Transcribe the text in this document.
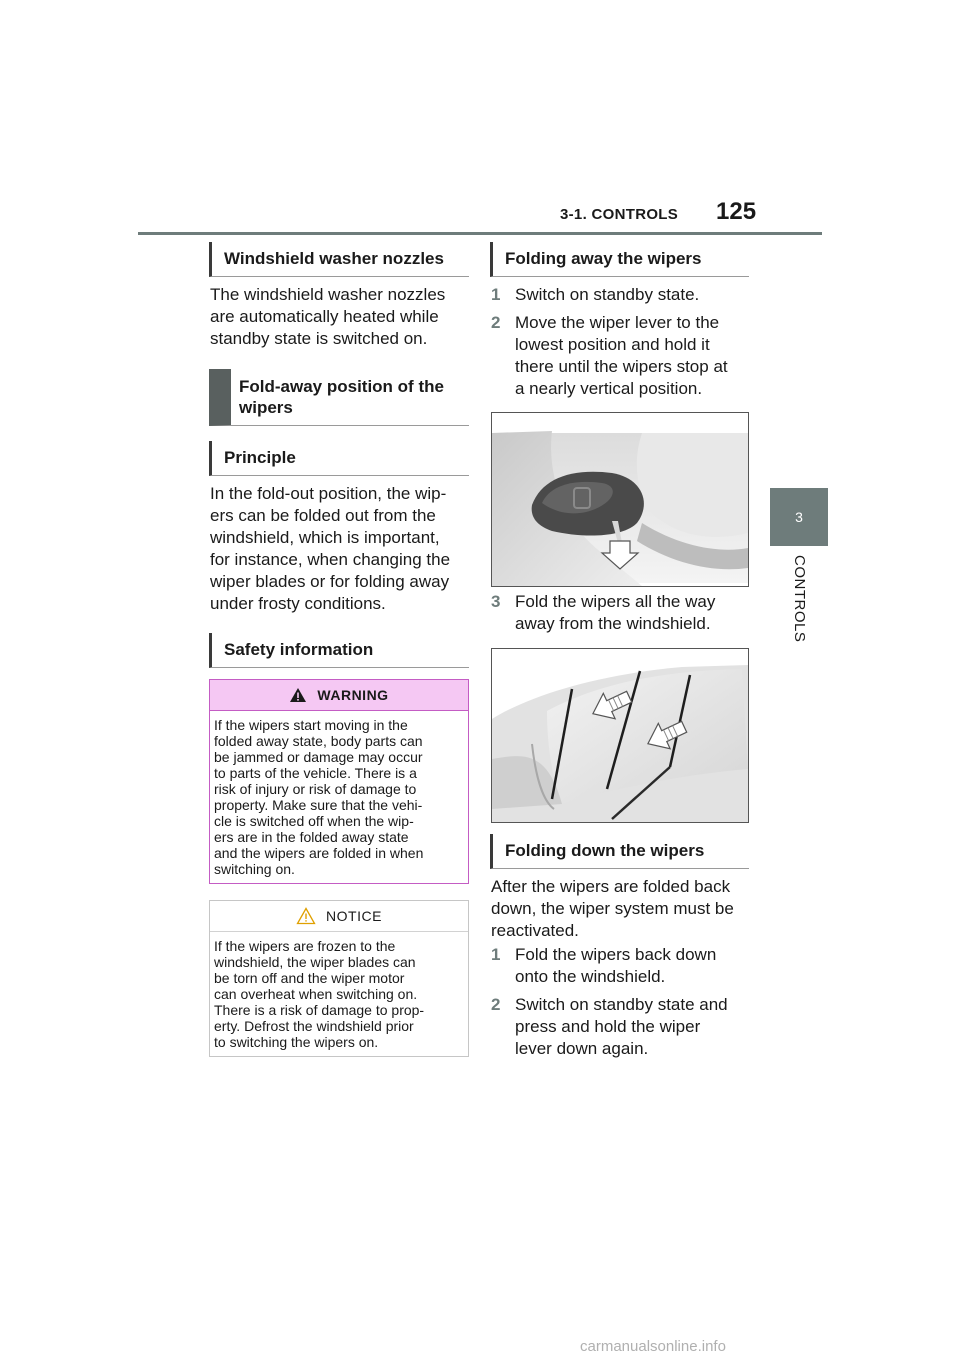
3-1. CONTROLS 125
3
CONTROLS
Windshield washer nozzles
The windshield washer nozzles
are automatically heated while
standby state is switched on.
Fold-away position of the
wipers
Principle
In the fold-out position, the wip-
ers can be folded out from the
windshield, which is important,
for instance, when changing the
wiper blades or for folding away
under frosty conditions.
Safety information
WARNING
If the wipers start moving in the
folded away state, body parts can
be jammed or damage may occur
to parts of the vehicle. There is a
risk of injury or risk of damage to
property. Make sure that the vehi-
cle is switched off when the wip-
ers are in the folded away state
and the wipers are folded in when
switching on.
NOTICE
If the wipers are frozen to the
windshield, the wiper blades can
be torn off and the wiper motor
can overheat when switching on.
There is a risk of damage to prop-
erty. Defrost the windshield prior
to switching the wipers on.
Folding away the wipers
1 Switch on standby state.
2 Move the wiper lever to the
lowest position and hold it
there until the wipers stop at
a nearly vertical position.
3 Fold the wipers all the way
away from the windshield.
Folding down the wipers
After the wipers are folded back
down, the wiper system must be
reactivated.
1 Fold the wipers back down
onto the windshield.
2 Switch on standby state and
press and hold the wiper
lever down again.
carmanualsonline.info
